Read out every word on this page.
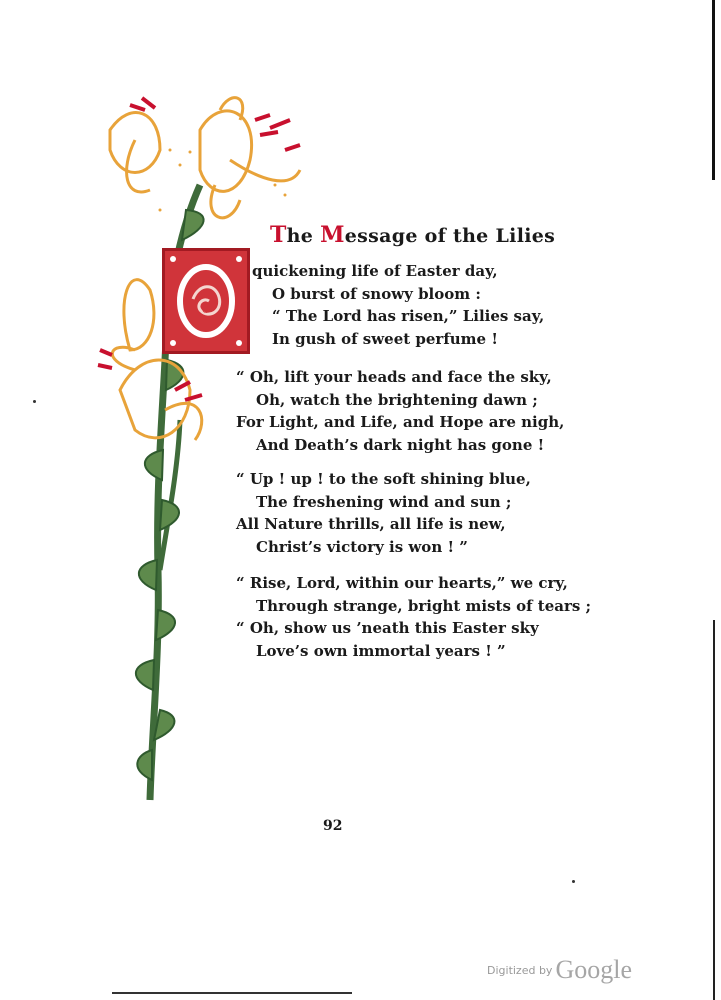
The Message of the Lilies
O
quickening life of Easter day,
O burst of snowy bloom :
“ The Lord has risen,” Lilies say,
In gush of sweet perfume !
“ Oh, lift your heads and face the sky,
Oh, watch the brightening dawn ;
For Light, and Life, and Hope are nigh,
And Death’s dark night has gone !
“ Up ! up ! to the soft shining blue,
The freshening wind and sun ;
All Nature thrills, all life is new,
Christ’s victory is won ! ”
“ Rise, Lord, within our hearts,” we cry,
Through strange, bright mists of tears ;
“ Oh, show us ’neath this Easter sky
Love’s own immortal years ! ”
92
Digitized by Google
